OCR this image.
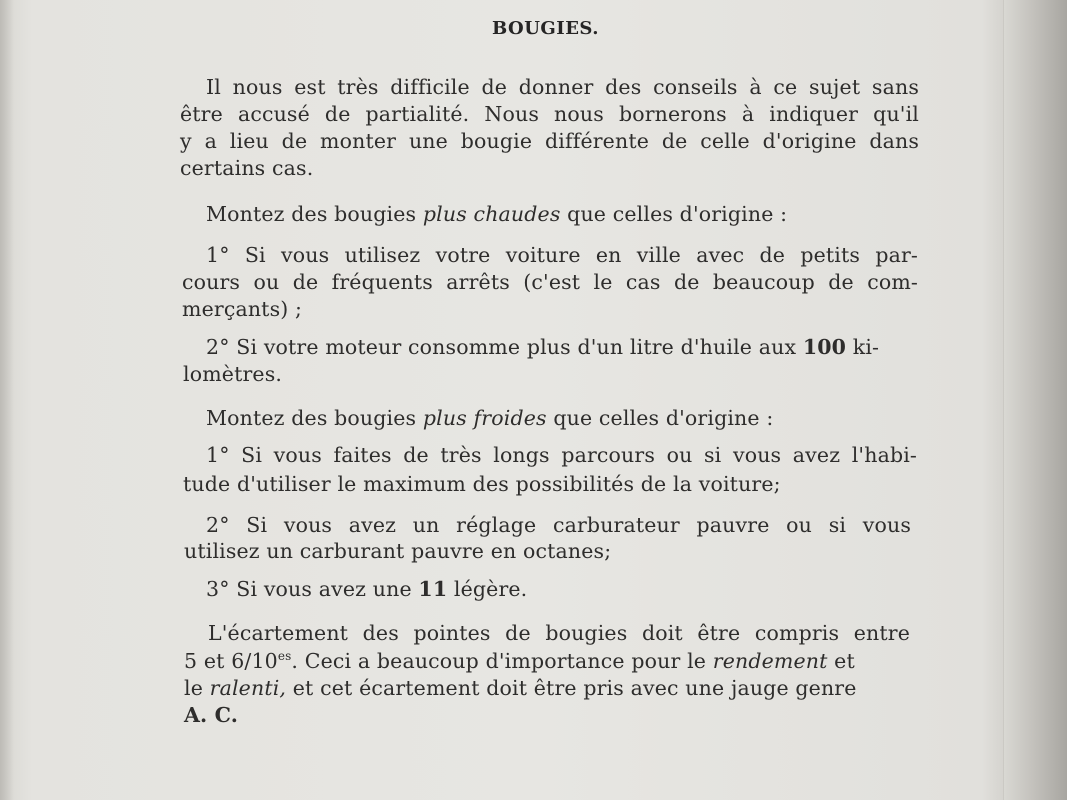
BOUGIES.
Il nous est très difficile de donner des conseils à ce sujet sans
être accusé de partialité. Nous nous bornerons à indiquer qu'il
y a lieu de monter une bougie différente de celle d'origine dans
certains cas.
Montez des bougies plus chaudes que celles d'origine :
1° Si vous utilisez votre voiture en ville avec de petits par-
cours ou de fréquents arrêts (c'est le cas de beaucoup de com-
merçants) ;
2° Si votre moteur consomme plus d'un litre d'huile aux 100 ki-
lomètres.
Montez des bougies plus froides que celles d'origine :
1° Si vous faites de très longs parcours ou si vous avez l'habi-
tude d'utiliser le maximum des possibilités de la voiture;
2° Si vous avez un réglage carburateur pauvre ou si vous
utilisez un carburant pauvre en octanes;
3° Si vous avez une 11 légère.
L'écartement des pointes de bougies doit être compris entre
5 et $6/10^{es}$. Ceci a beaucoup d'importance pour le rendement et
le ralenti, et cet écartement doit être pris avec une jauge genre
A. C.
